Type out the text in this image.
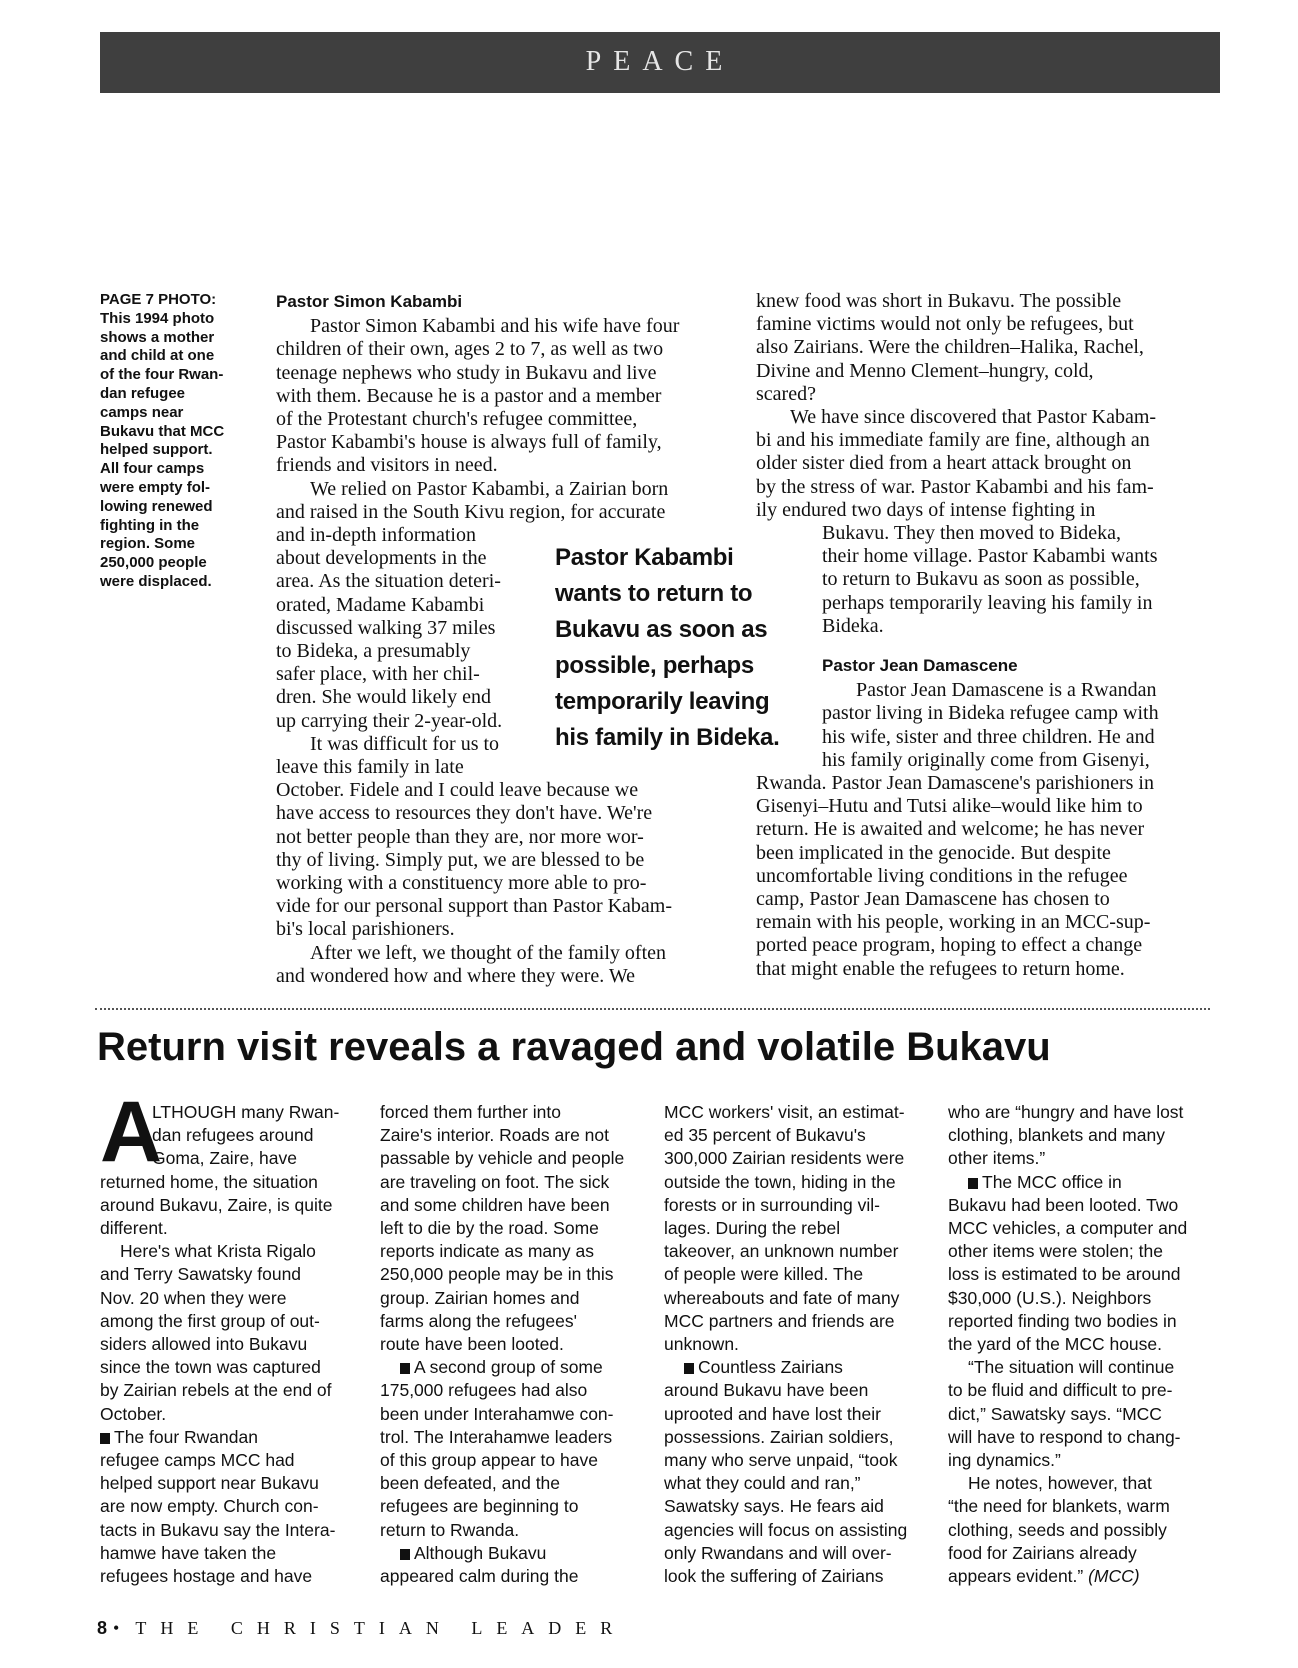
PEACE
PAGE 7 PHOTO:
This 1994 photo
shows a mother
and child at one
of the four Rwan-
dan refugee
camps near
Bukavu that MCC
helped support.
All four camps
were empty fol-
lowing renewed
fighting in the
region. Some
250,000 people
were displaced.
Pastor Simon Kabambi
Pastor Simon Kabambi and his wife have four
children of their own, ages 2 to 7, as well as two
teenage nephews who study in Bukavu and live
with them. Because he is a pastor and a member
of the Protestant church's refugee committee,
Pastor Kabambi's house is always full of family,
friends and visitors in need.
We relied on Pastor Kabambi, a Zairian born
and raised in the South Kivu region, for accurate
and in-depth information
about developments in the
area. As the situation deteri-
orated, Madame Kabambi
discussed walking 37 miles
to Bideka, a presumably
safer place, with her chil-
dren. She would likely end
up carrying their 2-year-old.
It was difficult for us to
leave this family in late
October. Fidele and I could leave because we
have access to resources they don't have. We're
not better people than they are, nor more wor-
thy of living. Simply put, we are blessed to be
working with a constituency more able to pro-
vide for our personal support than Pastor Kabam-
bi's local parishioners.
After we left, we thought of the family often
and wondered how and where they were. We
Pastor Kabambi
wants to return to
Bukavu as soon as
possible, perhaps
temporarily leaving
his family in Bideka.
knew food was short in Bukavu. The possible
famine victims would not only be refugees, but
also Zairians. Were the children–Halika, Rachel,
Divine and Menno Clement–hungry, cold,
scared?
We have since discovered that Pastor Kabam-
bi and his immediate family are fine, although an
older sister died from a heart attack brought on
by the stress of war. Pastor Kabambi and his fam-
ily endured two days of intense fighting in
Bukavu. They then moved to Bideka,
their home village. Pastor Kabambi wants
to return to Bukavu as soon as possible,
perhaps temporarily leaving his family in
Bideka.
Pastor Jean Damascene
Pastor Jean Damascene is a Rwandan
pastor living in Bideka refugee camp with
his wife, sister and three children. He and
his family originally come from Gisenyi,
Rwanda. Pastor Jean Damascene's parishioners in
Gisenyi–Hutu and Tutsi alike–would like him to
return. He is awaited and welcome; he has never
been implicated in the genocide. But despite
uncomfortable living conditions in the refugee
camp, Pastor Jean Damascene has chosen to
remain with his people, working in an MCC-sup-
ported peace program, hoping to effect a change
that might enable the refugees to return home.
Return visit reveals a ravaged and volatile Bukavu
A
LTHOUGH many Rwan-
dan refugees around
Goma, Zaire, have
returned home, the situation
around Bukavu, Zaire, is quite
different.
Here's what Krista Rigalo
and Terry Sawatsky found
Nov. 20 when they were
among the first group of out-
siders allowed into Bukavu
since the town was captured
by Zairian rebels at the end of
October.
The four Rwandan
refugee camps MCC had
helped support near Bukavu
are now empty. Church con-
tacts in Bukavu say the Intera-
hamwe have taken the
refugees hostage and have
forced them further into
Zaire's interior. Roads are not
passable by vehicle and people
are traveling on foot. The sick
and some children have been
left to die by the road. Some
reports indicate as many as
250,000 people may be in this
group. Zairian homes and
farms along the refugees'
route have been looted.
A second group of some
175,000 refugees had also
been under Interahamwe con-
trol. The Interahamwe leaders
of this group appear to have
been defeated, and the
refugees are beginning to
return to Rwanda.
Although Bukavu
appeared calm during the
MCC workers' visit, an estimat-
ed 35 percent of Bukavu's
300,000 Zairian residents were
outside the town, hiding in the
forests or in surrounding vil-
lages. During the rebel
takeover, an unknown number
of people were killed. The
whereabouts and fate of many
MCC partners and friends are
unknown.
Countless Zairians
around Bukavu have been
uprooted and have lost their
possessions. Zairian soldiers,
many who serve unpaid, “took
what they could and ran,”
Sawatsky says. He fears aid
agencies will focus on assisting
only Rwandans and will over-
look the suffering of Zairians
who are “hungry and have lost
clothing, blankets and many
other items.”
The MCC office in
Bukavu had been looted. Two
MCC vehicles, a computer and
other items were stolen; the
loss is estimated to be around
$30,000 (U.S.). Neighbors
reported finding two bodies in
the yard of the MCC house.
“The situation will continue
to be fluid and difficult to pre-
dict,” Sawatsky says. “MCC
will have to respond to chang-
ing dynamics.”
He notes, however, that
“the need for blankets, warm
clothing, seeds and possibly
food for Zairians already
appears evident.” (MCC)
8 • THE CHRISTIAN LEADER
